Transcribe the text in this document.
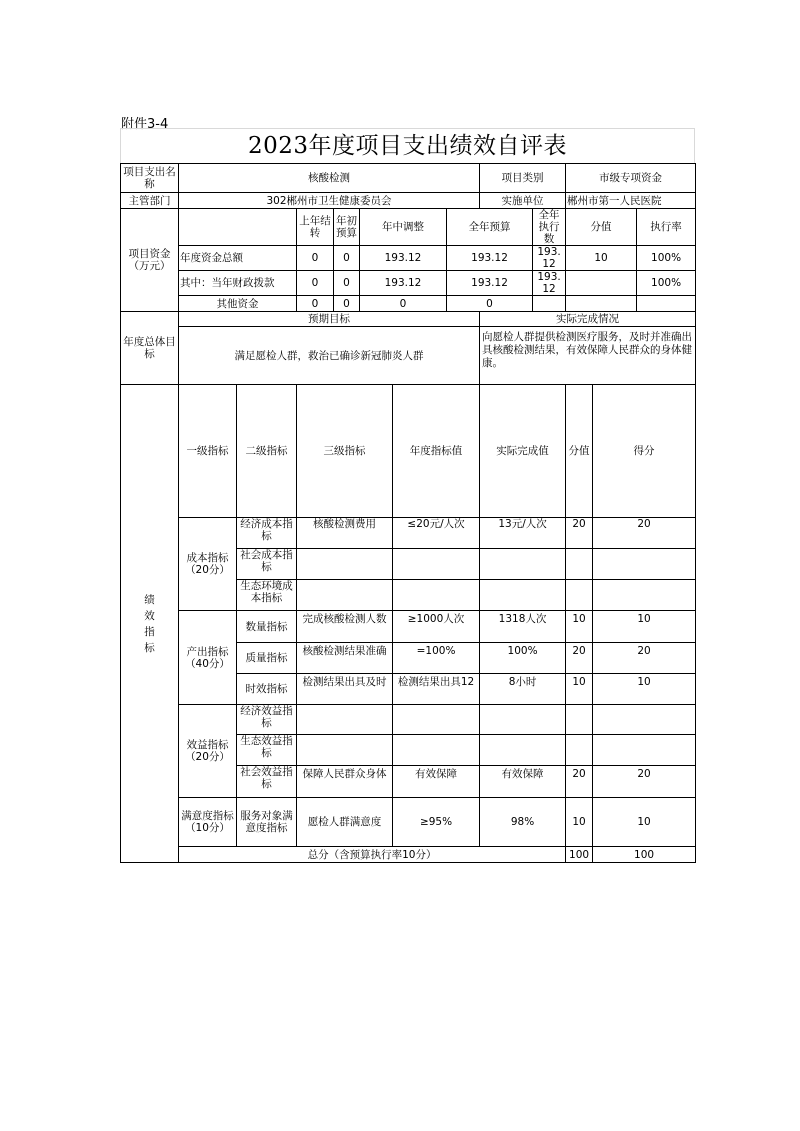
附件3-4
2023年度项目支出绩效自评表
项目支出名称	核酸检测							项目类别		市级专项资金			
主管部门	302郴州市卫生健康委员会							实施单位		郴州市第一人民医院			
项目资金（万元）			上年结转	年初预算	年中调整		全年预算		全年执行数	分值		执行率	
	年度资金总额		0	0	193.12		193.12		193.12	10		100%	
	其中：当年财政拨款		0	0	193.12		193.12		193.12			100%	
	其他资金		0	0	0		0						
年度总体目标	预期目标							实际完成情况					
	满足愿检人群，救治已确诊新冠肺炎人群							向愿检人群提供检测医疗服务，及时并准确出具核酸检测结果，有效保障人民群众的身体健康。					

绩
效
指
标	一级指标	二级指标	三级指标			年度指标值		实际完成值		分值	得分	
	成本指标（20分）	经济成本指标	核酸检测费用			≤20元/人次		13元/人次		20	20		
		社会成本指标											
		生态环境成本指标											
	产出指标（40分）	数量指标	完成核酸检测人数			≥1000人次		1318人次		10	10		
		质量指标	核酸检测结果准确			=100%		100%		20	20		
		时效指标	检测结果出具及时			检测结果出具12		8小时		10	10		
	效益指标（20分）	经济效益指标											
		生态效益指标											
		社会效益指标	保障人民群众身体			有效保障		有效保障		20	20		
	满意度指标（10分）	服务对象满意度指标	愿检人群满意度			≥95%		98%		10	10		
	总分（含预算执行率10分）									100	100		
